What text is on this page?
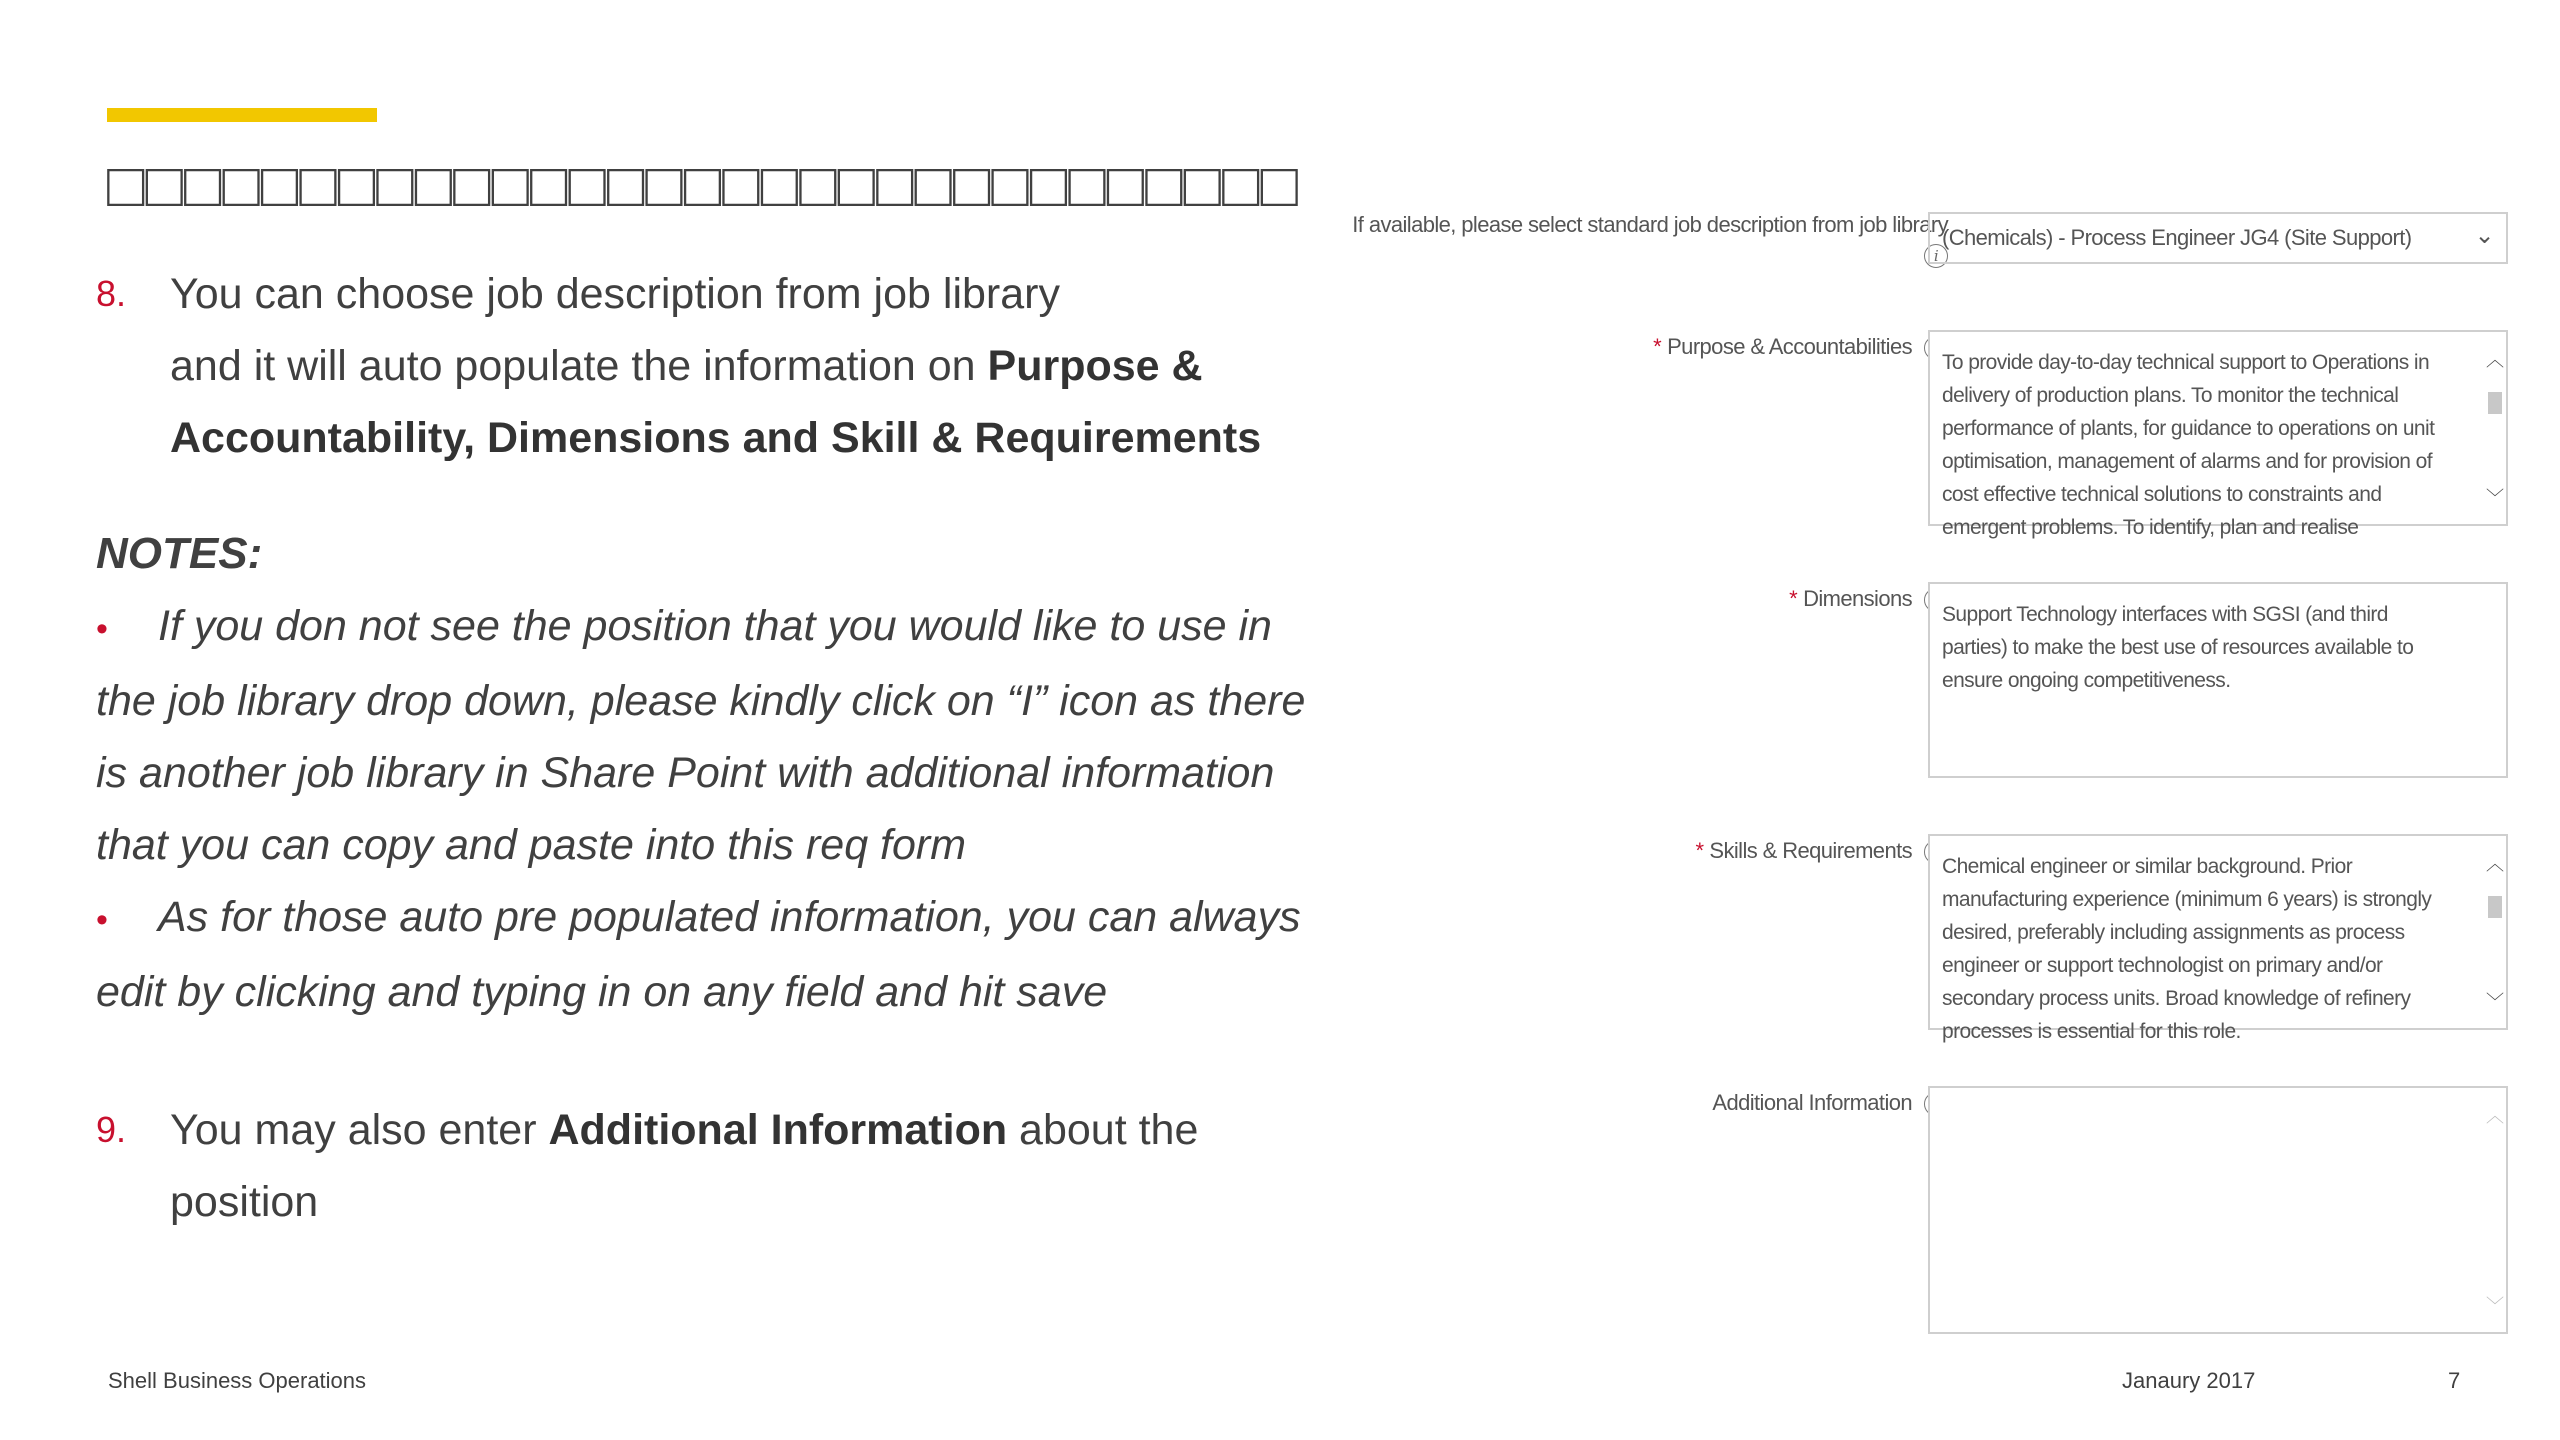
□□□□□□□□□□□□□□□□□□□□□□□□□□□□□□□
8. You can choose job description from job library
and it will auto populate the information on Purpose &
Accountability, Dimensions and Skill & Requirements
NOTES:
• If you don not see the position that you would like to use in the job library drop down, please kindly click on “I” icon as there is another job library in Share Point with additional information that you can copy and paste into this req form
• As for those auto pre populated information, you can always edit by clicking and typing in on any field and hit save
9. You may also enter Additional Information about the position
If available, please select standard job description from job library
i
(Chemicals) - Process Engineer JG4 (Site Support)	⌄
* Purpose & Accountabilities
To provide day-to-day technical support to Operations in delivery of production plans. To monitor the technical performance of plants, for guidance to operations on unit optimisation, management of alarms and for provision of cost effective technical solutions to constraints and emergent problems. To identify, plan and realise
︿
﹀
* Dimensions
Support Technology interfaces with SGSI (and third parties) to make the best use of resources available to ensure ongoing competitiveness.
* Skills & Requirements
Chemical engineer or similar background. Prior manufacturing experience (minimum 6 years) is strongly desired, preferably including assignments as process engineer or support technologist on primary and/or secondary process units. Broad knowledge of refinery processes is essential for this role.
︿
﹀
Additional Information
︿
﹀
Shell Business Operations	Janaury 2017	7
